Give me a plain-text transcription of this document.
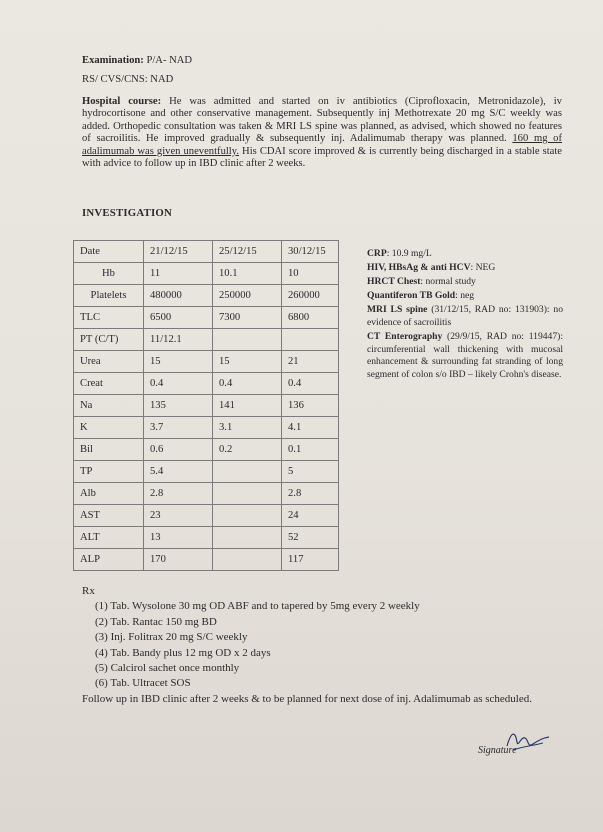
Examination: P/A- NAD
RS/ CVS/CNS: NAD
Hospital course: He was admitted and started on iv antibiotics (Ciprofloxacin, Metronidazole), iv hydrocortisone and other conservative management. Subsequently inj Methotrexate 20 mg S/C weekly was added. Orthopedic consultation was taken & MRI LS spine was planned, as advised, which showed no features of sacroilitis. He improved gradually & subsequently inj. Adalimumab therapy was planned. 160 mg of adalimumab was given uneventfully. His CDAI score improved & is currently being discharged in a stable state with advice to follow up in IBD clinic after 2 weeks.
INVESTIGATION
Date	21/12/15	25/12/15	30/12/15
Hb	11	10.1	10
Platelets	480000	250000	260000
TLC	6500	7300	6800
PT (C/T)	11/12.1		
Urea	15	15	21
Creat	0.4	0.4	0.4
Na	135	141	136
K	3.7	3.1	4.1
Bil	0.6	0.2	0.1
TP	5.4		5
Alb	2.8		2.8
AST	23		24
ALT	13		52
ALP	170		117

CRP: 10.9 mg/L

HIV, HBsAg & anti HCV: NEG

HRCT Chest: normal study

Quantiferon TB Gold: neg

MRI LS spine (31/12/15, RAD no: 131903): no evidence of sacroilitis

CT Enterography (29/9/15, RAD no: 119447): circumferential wall thickening with mucosal enhancement & surrounding fat stranding of long segment of colon s/o IBD – likely Crohn's disease.

Rx
(1) Tab. Wysolone 30 mg OD ABF and to tapered by 5mg every 2 weekly
(2) Tab. Rantac 150 mg BD
(3) Inj. Folitrax 20 mg S/C weekly
(4) Tab. Bandy plus 12 mg OD x 2 days
(5) Calcirol sachet once monthly
(6) Tab. Ultracet SOS
Follow up in IBD clinic after 2 weeks & to be planned for next dose of inj. Adalimumab as scheduled.
Signature
